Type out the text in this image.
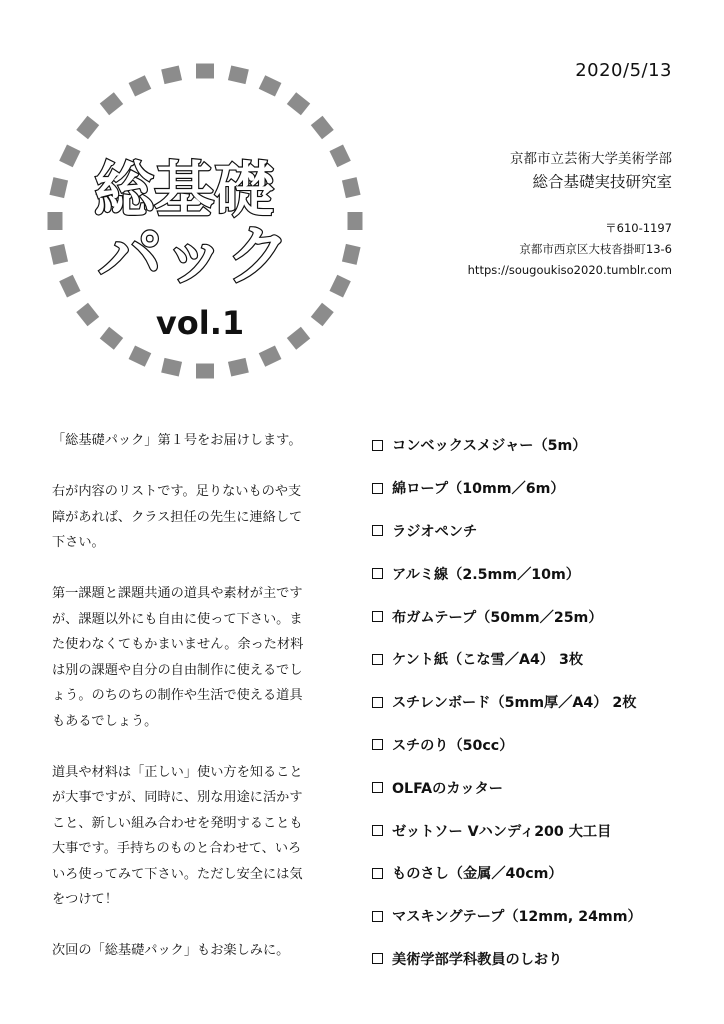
総基礎
パック
vol.1
2020/5/13
京都市立芸術大学美術学部
総合基礎実技研究室
〒610-1197
京都市西京区大枝沓掛町13-6
https://sougoukiso2020.tumblr.com

「総基礎パック」第１号をお届けします。

右が内容のリストです。足りないものや支障があれば、クラス担任の先生に連絡して下さい。

第一課題と課題共通の道具や素材が主ですが、課題以外にも自由に使って下さい。また使わなくてもかまいません。余った材料は別の課題や自分の自由制作に使えるでしょう。のちのちの制作や生活で使える道具もあるでしょう。

道具や材料は「正しい」使い方を知ることが大事ですが、同時に、別な用途に活かすこと、新しい組み合わせを発明することも大事です。手持ちのものと合わせて、いろいろ使ってみて下さい。ただし安全には気をつけて！

次回の「総基礎パック」もお楽しみに。

コンベックスメジャー（5m）
綿ロープ（10mm／6m）
ラジオペンチ
アルミ線（2.5mm／10m）
布ガムテープ（50mm／25m）
ケント紙（こな雪／A4） 3枚
スチレンボード（5mm厚／A4） 2枚
スチのり（50cc）
OLFAのカッター
ゼットソー Vハンディ200 大工目
ものさし（金属／40cm）
マスキングテープ（12mm, 24mm）
美術学部学科教員のしおり
